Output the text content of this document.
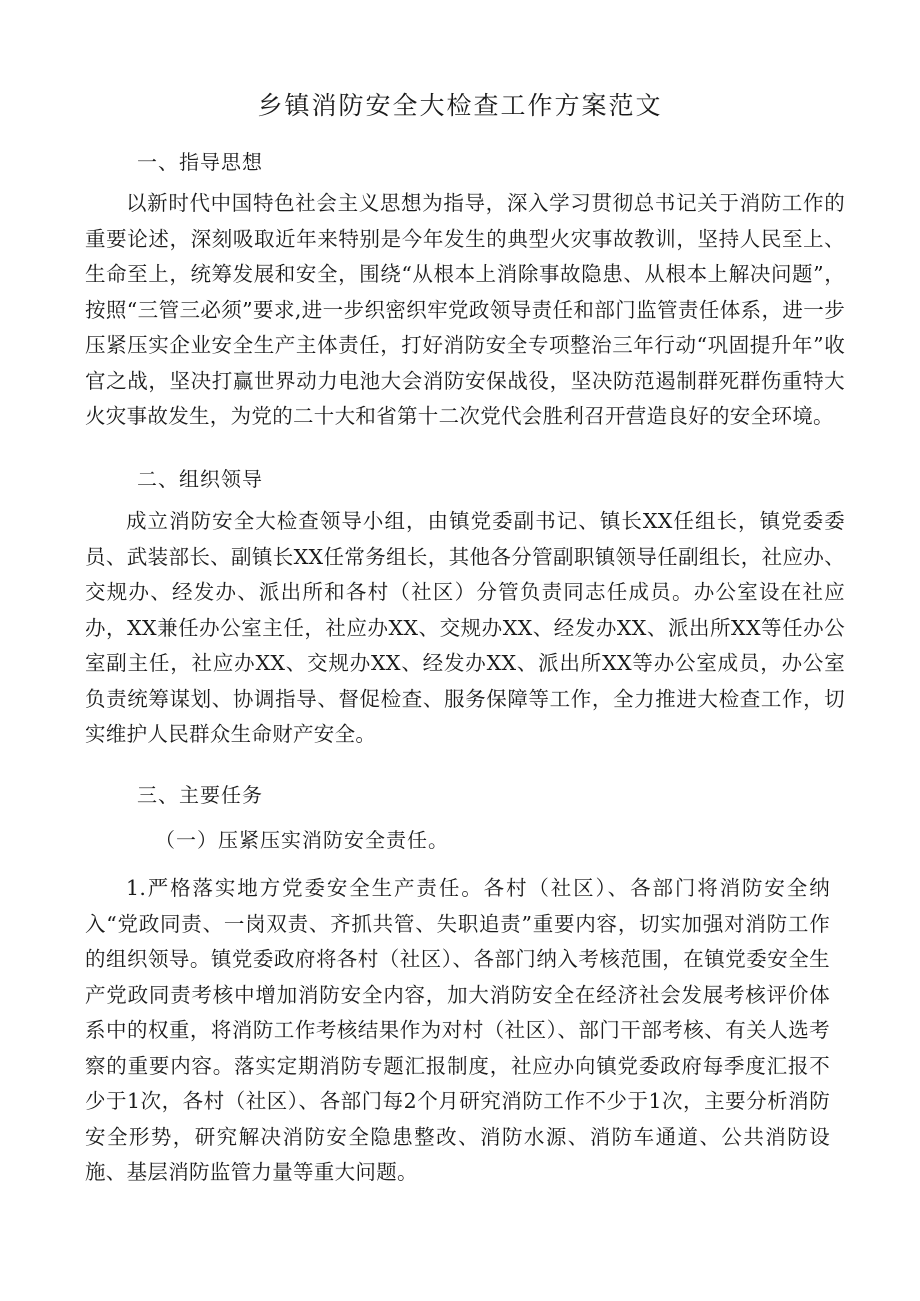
乡镇消防安全大检查工作方案范文
一、指导思想

以新时代中国特色社会主义思想为指导，深入学习贯彻总书记关于消防工作的重要论述，深刻吸取近年来特别是今年发生的典型火灾事故教训，坚持人民至上、生命至上，统筹发展和安全，围绕“从根本上消除事故隐患、从根本上解决问题”，按照“三管三必须”要求,进一步织密织牢党政领导责任和部门监管责任体系，进一步压紧压实企业安全生产主体责任，打好消防安全专项整治三年行动“巩固提升年”收官之战，坚决打赢世界动力电池大会消防安保战役，坚决防范遏制群死群伤重特大火灾事故发生，为党的二十大和省第十二次党代会胜利召开营造良好的安全环境。

二、组织领导

成立消防安全大检查领导小组，由镇党委副书记、镇长XX任组长，镇党委委员、武装部长、副镇长XX任常务组长，其他各分管副职镇领导任副组长，社应办、交规办、经发办、派出所和各村（社区）分管负责同志任成员。办公室设在社应办，XX兼任办公室主任，社应办XX、交规办XX、经发办XX、派出所XX等任办公室副主任，社应办XX、交规办XX、经发办XX、派出所XX等办公室成员，办公室负责统筹谋划、协调指导、督促检查、服务保障等工作，全力推进大检查工作，切实维护人民群众生命财产安全。

三、主要任务
（一）压紧压实消防安全责任。

1.严格落实地方党委安全生产责任。各村（社区）、各部门将消防安全纳入“党政同责、一岗双责、齐抓共管、失职追责”重要内容，切实加强对消防工作的组织领导。镇党委政府将各村（社区）、各部门纳入考核范围，在镇党委安全生产党政同责考核中增加消防安全内容，加大消防安全在经济社会发展考核评价体系中的权重，将消防工作考核结果作为对村（社区）、部门干部考核、有关人选考察的重要内容。落实定期消防专题汇报制度，社应办向镇党委政府每季度汇报不少于1次，各村（社区）、各部门每2个月研究消防工作不少于1次，主要分析消防安全形势，研究解决消防安全隐患整改、消防水源、消防车通道、公共消防设施、基层消防监管力量等重大问题。
